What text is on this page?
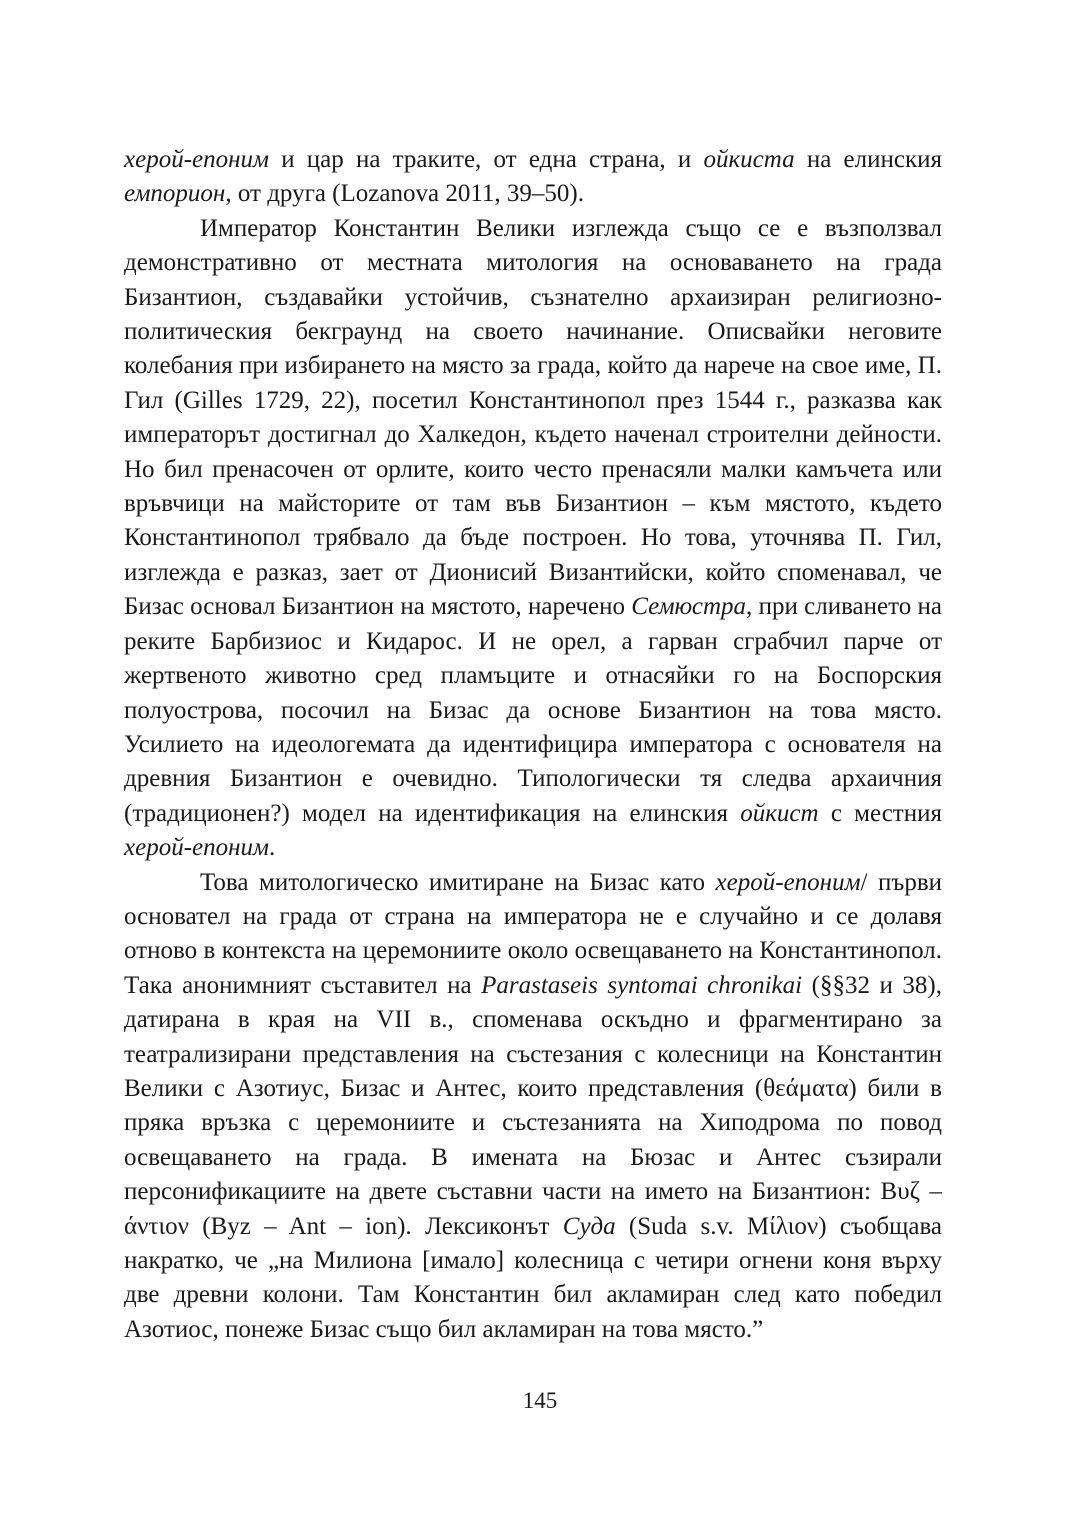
херой-епоним и цар на траките, от една страна, и ойкиста на елинския емпорион, от друга (Lozanova 2011, 39–50).

Император Константин Велики изглежда също се е възползвал демонстративно от местната митология на основаването на града Бизантион, създавайки устойчив, съзнателно архаизиран религиозно-политическия бекграунд на своето начинание. Описвайки неговите колебания при избирането на място за града, който да нарече на свое име, П. Гил (Gilles 1729, 22), посетил Константинопол през 1544 г., разказва как императорът достигнал до Халкедон, където наченал строителни дейности. Но бил пренасочен от орлите, които често пренасяли малки камъчета или връвчици на майсторите от там във Бизантион – към мястото, където Константинопол трябвало да бъде построен. Но това, уточнява П. Гил, изглежда е разказ, заeт от Дионисий Византийски, който споменавал, че Бизас основал Бизантион на мястото, наречено Семюстра, при сливането на реките Барбизиос и Кидарос. И не орел, а гарван сграбчил парче от жертвеното животно сред пламъците и отнасяйки го на Боспорския полуострова, посочил на Бизас да основе Бизантион на това място. Усилието на идеологемата да идентифицира императора с основателя на древния Бизантион е очевидно. Типологически тя следва архаичния (традиционен?) модел на идентификация на елинския ойкист с местния херой-епоним.

Това митологическо имитиране на Бизас като херой-епоним/ първи основател на града от страна на императора не е случайно и се долавя отново в контекста на церемониите около освещаването на Константинопол. Така анонимният съставител на Parastaseis syntomai chronikai (§§32 и 38), датирана в края на VII в., споменава оскъдно и фрагментирано за театрализирани представления на състезания с колесници на Константин Велики с Азотиус, Бизас и Антес, които представления (θεάματα) били в пряка връзка с церемониите и състезанията на Хиподрома по повод освещаването на града. В имената на Бюзас и Антес съзирали персонификациите на двете съставни части на името на Бизантион: Βυζ – άντιον (Byz – Ant – ion). Лексиконът Суда (Suda s.v. Μίλιον) съобщава накратко, че „на Милиона [имало] колесница с четири огнени коня върху две древни колони. Там Константин бил акламиран след като победил Азотиос, понеже Бизас също бил акламиран на това място.”

145
